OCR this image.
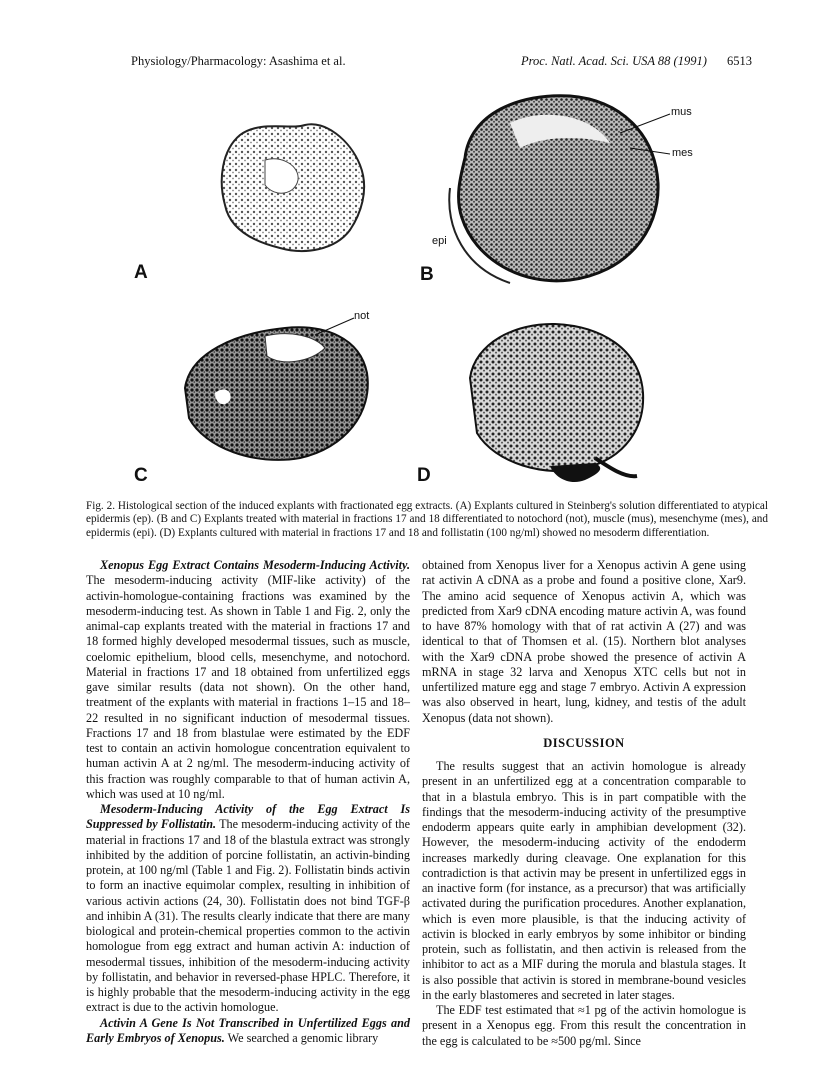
Physiology/Pharmacology: Asashima et al.	Proc. Natl. Acad. Sci. USA 88 (1991) 6513
A	B
mus
mes
epi
C
not
D
Fig. 2. Histological section of the induced explants with fractionated egg extracts. (A) Explants cultured in Steinberg's solution differentiated to atypical epidermis (ep). (B and C) Explants treated with material in fractions 17 and 18 differentiated to notochord (not), muscle (mus), mesenchyme (mes), and epidermis (epi). (D) Explants cultured with material in fractions 17 and 18 and follistatin (100 ng/ml) showed no mesoderm differentiation.

Xenopus Egg Extract Contains Mesoderm-Inducing Activity. The mesoderm-inducing activity (MIF-like activity) of the activin-homologue-containing fractions was examined by the mesoderm-inducing test. As shown in Table 1 and Fig. 2, only the animal-cap explants treated with the material in fractions 17 and 18 formed highly developed mesodermal tissues, such as muscle, coelomic epithelium, blood cells, mesenchyme, and notochord. Material in fractions 17 and 18 obtained from unfertilized eggs gave similar results (data not shown). On the other hand, treatment of the explants with material in fractions 1–15 and 18–22 resulted in no significant induction of mesodermal tissues. Fractions 17 and 18 from blastulae were estimated by the EDF test to contain an activin homologue concentration equivalent to human activin A at 2 ng/ml. The mesoderm-inducing activity of this fraction was roughly comparable to that of human activin A, which was used at 10 ng/ml.

Mesoderm-Inducing Activity of the Egg Extract Is Suppressed by Follistatin. The mesoderm-inducing activity of the material in fractions 17 and 18 of the blastula extract was strongly inhibited by the addition of porcine follistatin, an activin-binding protein, at 100 ng/ml (Table 1 and Fig. 2). Follistatin binds activin to form an inactive equimolar complex, resulting in inhibition of various activin actions (24, 30). Follistatin does not bind TGF-β and inhibin A (31). The results clearly indicate that there are many biological and protein-chemical properties common to the activin homologue from egg extract and human activin A: induction of mesodermal tissues, inhibition of the mesoderm-inducing activity by follistatin, and behavior in reversed-phase HPLC. Therefore, it is highly probable that the mesoderm-inducing activity in the egg extract is due to the activin homologue.

Activin A Gene Is Not Transcribed in Unfertilized Eggs and Early Embryos of Xenopus. We searched a genomic library

obtained from Xenopus liver for a Xenopus activin A gene using rat activin A cDNA as a probe and found a positive clone, Xar9. The amino acid sequence of Xenopus activin A, which was predicted from Xar9 cDNA encoding mature activin A, was found to have 87% homology with that of rat activin A (27) and was identical to that of Thomsen et al. (15). Northern blot analyses with the Xar9 cDNA probe showed the presence of activin A mRNA in stage 32 larva and Xenopus XTC cells but not in unfertilized mature egg and stage 7 embryo. Activin A expression was also observed in heart, lung, kidney, and testis of the adult Xenopus (data not shown).

DISCUSSION

The results suggest that an activin homologue is already present in an unfertilized egg at a concentration comparable to that in a blastula embryo. This is in part compatible with the findings that the mesoderm-inducing activity of the presumptive endoderm appears quite early in amphibian development (32). However, the mesoderm-inducing activity of the endoderm increases markedly during cleavage. One explanation for this contradiction is that activin may be present in unfertilized eggs in an inactive form (for instance, as a precursor) that was artificially activated during the purification procedures. Another explanation, which is even more plausible, is that the inducing activity of activin is blocked in early embryos by some inhibitor or binding protein, such as follistatin, and then activin is released from the inhibitor to act as a MIF during the morula and blastula stages. It is also possible that activin is stored in membrane-bound vesicles in the early blastomeres and secreted in later stages.

The EDF test estimated that ≈1 pg of the activin homologue is present in a Xenopus egg. From this result the concentration in the egg is calculated to be ≈500 pg/ml. Since
